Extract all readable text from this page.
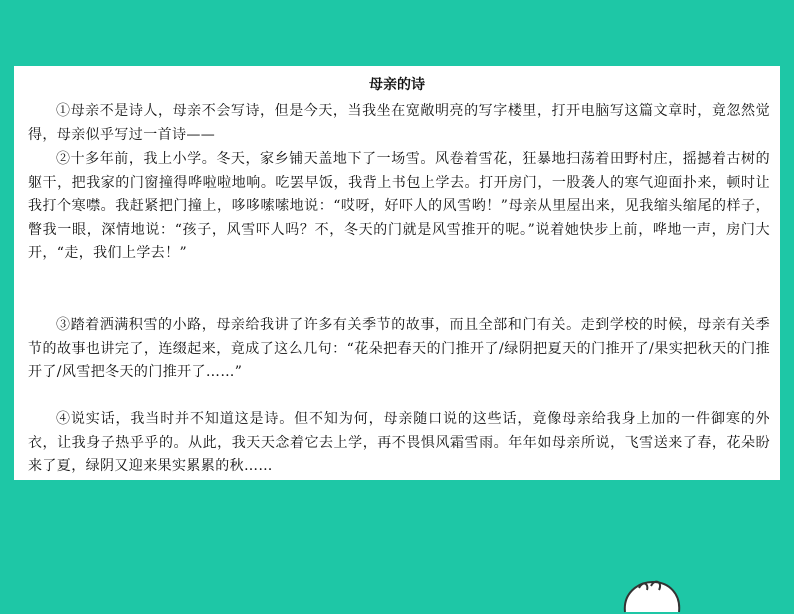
母亲的诗

①母亲不是诗人，母亲不会写诗，但是今天，当我坐在宽敞明亮的写字楼里，打开电脑写这篇文章时，竟忽然觉得，母亲似乎写过一首诗——

②十多年前，我上小学。冬天，家乡铺天盖地下了一场雪。风卷着雪花，狂暴地扫荡着田野村庄，摇撼着古树的躯干，把我家的门窗撞得哗啦啦地响。吃罢早饭，我背上书包上学去。打开房门，一股袭人的寒气迎面扑来，顿时让我打个寒噤。我赶紧把门撞上，哆哆嗦嗦地说：“哎呀，好吓人的风雪哟！”母亲从里屋出来，见我缩头缩尾的样子，瞥我一眼，深情地说：“孩子，风雪吓人吗？不，冬天的门就是风雪推开的呢。”说着她快步上前，哗地一声，房门大开，“走，我们上学去！”

③踏着洒满积雪的小路，母亲给我讲了许多有关季节的故事，而且全部和门有关。走到学校的时候，母亲有关季节的故事也讲完了，连缀起来，竟成了这么几句：“花朵把春天的门推开了/绿阴把夏天的门推开了/果实把秋天的门推开了/风雪把冬天的门推开了……”

④说实话，我当时并不知道这是诗。但不知为何，母亲随口说的这些话，竟像母亲给我身上加的一件御寒的外衣，让我身子热乎乎的。从此，我天天念着它去上学，再不畏惧风霜雪雨。年年如母亲所说，飞雪送来了春，花朵盼来了夏，绿阴又迎来果实累累的秋……
